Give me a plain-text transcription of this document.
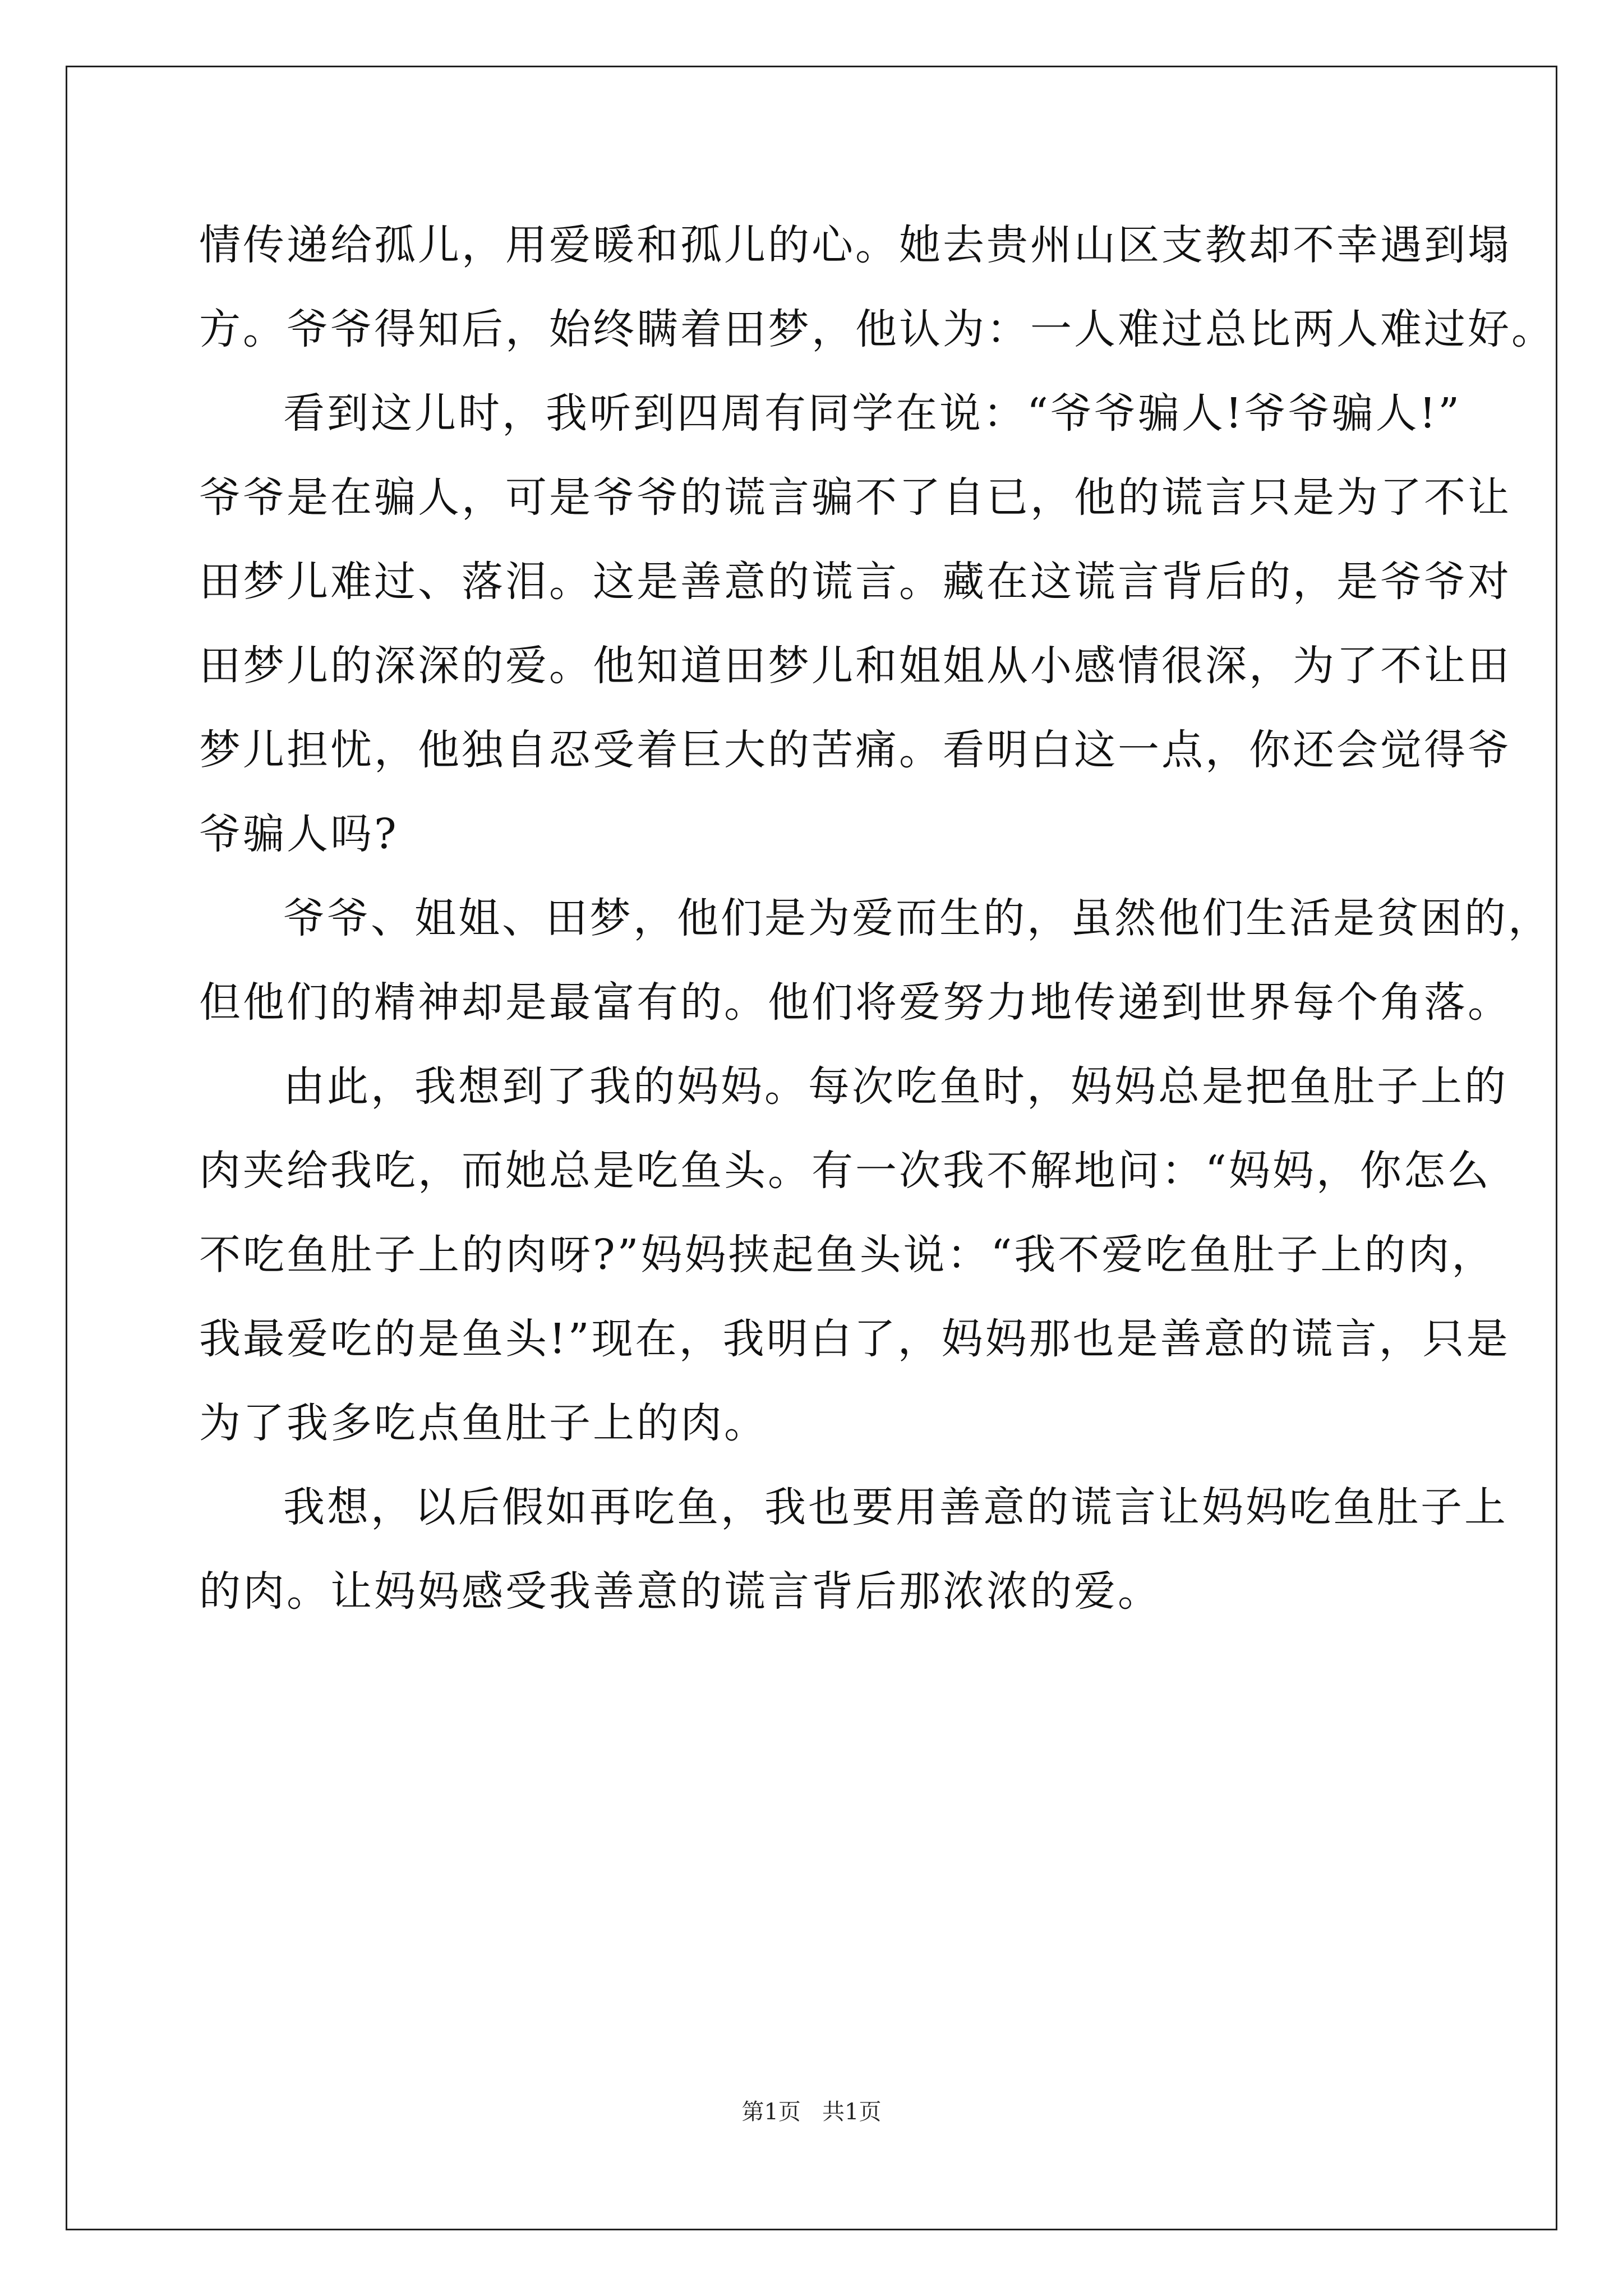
情传递给孤儿，用爱暖和孤儿的心。她去贵州山区支教却不幸遇到塌
方。爷爷得知后，始终瞒着田梦，他认为：一人难过总比两人难过好。
看到这儿时，我听到四周有同学在说：“爷爷骗人!爷爷骗人!”
爷爷是在骗人，可是爷爷的谎言骗不了自已，他的谎言只是为了不让
田梦儿难过、落泪。这是善意的谎言。藏在这谎言背后的，是爷爷对
田梦儿的深深的爱。他知道田梦儿和姐姐从小感情很深，为了不让田
梦儿担忧，他独自忍受着巨大的苦痛。看明白这一点，你还会觉得爷
爷骗人吗?
爷爷、姐姐、田梦，他们是为爱而生的，虽然他们生活是贫困的，
但他们的精神却是最富有的。他们将爱努力地传递到世界每个角落。
由此，我想到了我的妈妈。每次吃鱼时，妈妈总是把鱼肚子上的
肉夹给我吃，而她总是吃鱼头。有一次我不解地问：“妈妈，你怎么
不吃鱼肚子上的肉呀?”妈妈挟起鱼头说：“我不爱吃鱼肚子上的肉，
我最爱吃的是鱼头!”现在，我明白了，妈妈那也是善意的谎言，只是
为了我多吃点鱼肚子上的肉。
我想，以后假如再吃鱼，我也要用善意的谎言让妈妈吃鱼肚子上
的肉。让妈妈感受我善意的谎言背后那浓浓的爱。
第1页   共1页
